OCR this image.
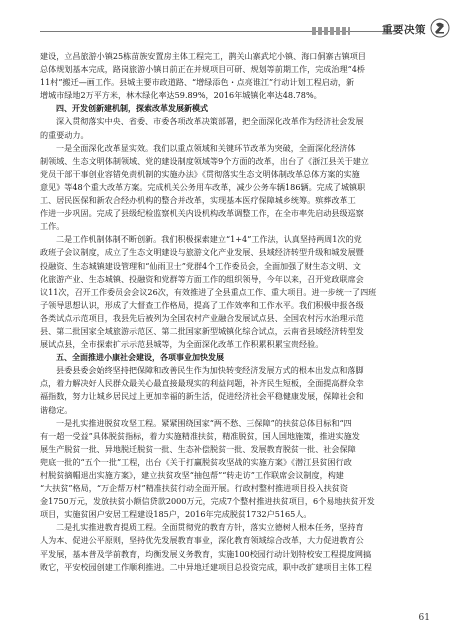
重要决策
建设，立昌旅游小镇25栋苗族安置房主体工程完工，鹊关山寨武坨小镇、海口侗寨古镇项目
总体规划基本完成，路岗旅游小镇日前正在并规项目可研、规划等前期工作，完成治理“4桥
11村”搬迁—画工作。县城主要市政道路、“增绿添色・点亮谁江”行动计划工程启动，新
增城市绿地2万平方米，林木绿化率达59.89%，2016年城镇化率达48.78%。
四、开发创新建机制，探索改革发展新模式
深入贯彻落实中央、省委、市委各项改革决策部署，把全面深化改革作为经济社会发展
的重要动力。
一是全面深化改革显实效。我们以重点领域和关键环节改革为突破，全面深化经济体
制领域、生态文明体制领域、党的建设制度领域等9个方面的改革，出台了《浙江县关于建立
党员干部干事创业容错免责机制的实施办法》《贯彻落实生态文明体制改革总体方案的实施
意见》等48个重大改革方案。完成机关公务用车改革，减少公务车辆186辆。完成了城镇职
工、居民医保和新农合经办机构的整合并改革，实现基本医疗保障城乡统筹。殡葬改革工
作进一步巩固。完成了县级纪检监察机关内设机构改革调整工作，在全市率先启动县级巡察
工作。
二是工作机制体制不断创新。我们积极探索建立“1+4”工作法，认真坚持两周1次的党
政班子会议制度，成立了生态文明建设与旅游文化产业发展、县域经济转型升级和城发展暨
投融资、生态城镇建设管理和“仙雨卫士”党群4个工作委员会，全面加强了财生态文明、文
化旅游产业、生态城镇、投融资和党群等方面工作的组织领导，今年以来，召开党政联席会
议11次，召开工作委员会会议26次，有效推进了全县重点工作、重大项目。进一步统一了四班
子领导思想认识，形成了大督查工作格局，提高了工作效率和工作水平。我们积极申报各级
各类试点示范项目，我县先后被列为全国农村产业融合发展试点县、全国农村污水治理示范
县、第二批国家全域旅游示范区、第二批国家新型城镇化综合试点，云南省县域经济转型发
展试点县，全市探索扩示示范县城等，为全面深化改革工作积累积累宝贵经验。
五、全面推进小康社会建设，各项事业加快发展
县委县委会始终坚持把保障和改善民生作为加快转变经济发展方式的根本出发点和落脚
点，着力解决好人民群众最关心最直接最现实的利益问题，补齐民生短板，全面提高群众幸
福指数，努力让城乡居民过上更加幸福的新生活，促进经济社会平稳健康发展，保障社会和
谐稳定。
一是扎实推进脱贫攻坚工程。紧紧围绕国家“两不愁、三保障”的扶贫总体目标和“四
有一超一受益”具体脱贫指标，着力实施精准扶贫，精准脱贫，国人国地施策，推进实施发
展生产脱贫一批、异地脱迁脱贫一批、生态补偿脱贫一批、发展教育脱贫一批、社会保障
兜底一批的“五个一批”工程，出台《关于打赢脱贫攻坚战的实施方案》《潜江县贫困行政
村脱贫摘帽退出实施方案》，建立扶贫攻坚“抽包帮”“转走访”工作联席会议制度，构建
“大扶贫”格局，“万企帮万村”精准扶贫行动全面开展。行政村整村推进项目投入扶贫资
金1750万元，发放扶贫小额信贷款2000万元，完成7个整村推进扶贫项目，6个易地扶贫开发
项目，实施贫困户安居工程建设185户，2016年完成脱贫1732户5165人。
二是扎实推进教育提质工程。全面贯彻党的教育方针，落实立德树人根本任务，坚持育
人为本、促进公平原则，坚持优先发展教育事业，深化教育领域综合改革，大力促进教育公
平发展，基本普及学前教育，均衡发展义务教育，实施100校园行动计划特校安工程提度网搞
败它，平安校园创建工作顺利推进。二中异地迁建项目总投资完成，职中改扩建项目主体工程
61
